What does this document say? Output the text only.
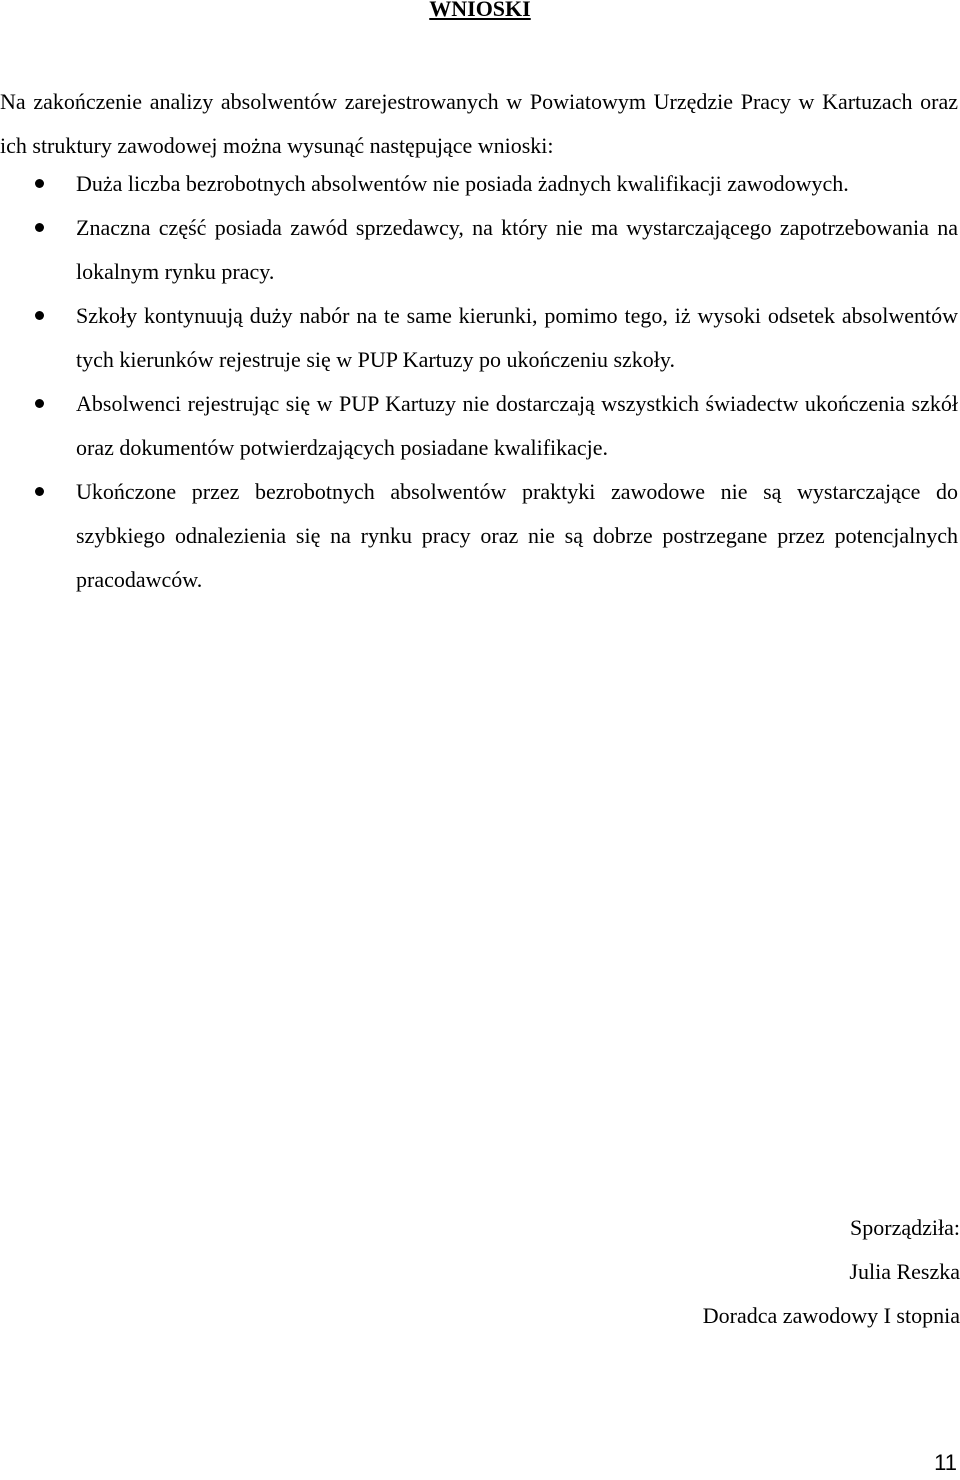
WNIOSKI

Na zakończenie analizy absolwentów zarejestrowanych w Powiatowym Urzędzie Pracy w Kartuzach oraz ich struktury zawodowej można wysunąć następujące wnioski:

Duża liczba bezrobotnych absolwentów nie posiada żadnych kwalifikacji zawodowych.
Znaczna część posiada zawód sprzedawcy, na który nie ma wystarczającego zapotrzebowania na lokalnym rynku pracy.
Szkoły kontynuują duży nabór na te same kierunki, pomimo tego, iż wysoki odsetek absolwentów tych kierunków rejestruje się w PUP Kartuzy po ukończeniu szkoły.
Absolwenci rejestrując się w PUP Kartuzy nie dostarczają wszystkich świadectw ukończenia szkół oraz dokumentów potwierdzających posiadane kwalifikacje.
Ukończone przez bezrobotnych absolwentów praktyki zawodowe nie są wystarczające do szybkiego odnalezienia się na rynku pracy oraz nie są dobrze postrzegane przez potencjalnych pracodawców.
Sporządziła:
Julia Reszka
Doradca zawodowy I stopnia
11
